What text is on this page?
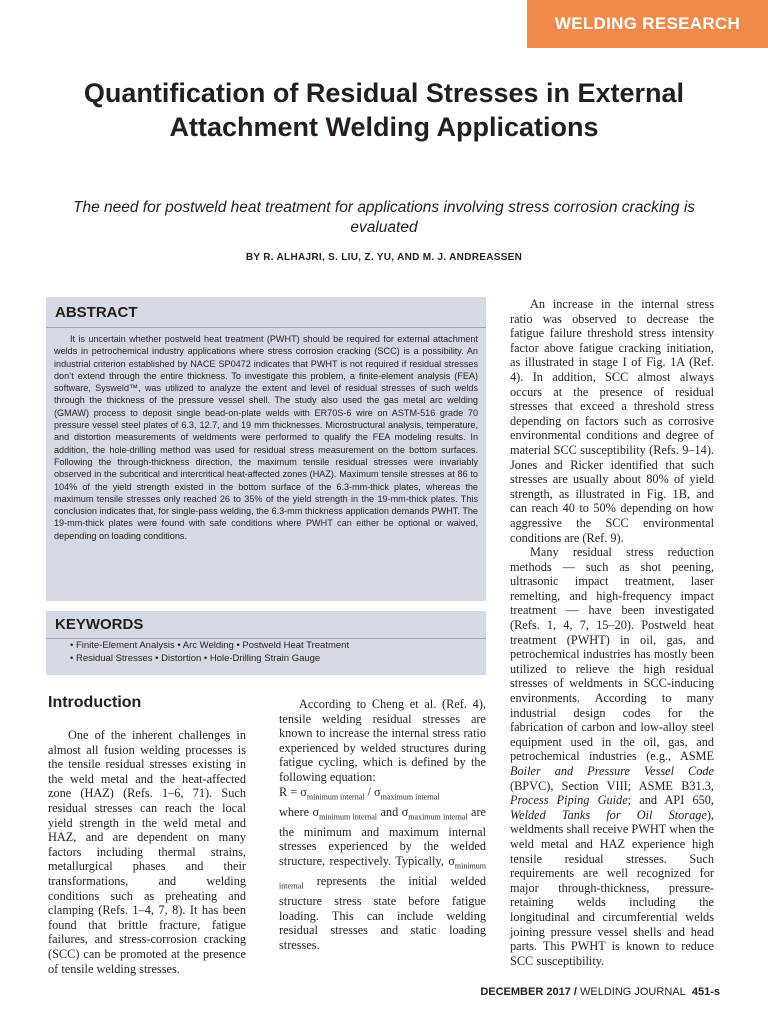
WELDING RESEARCH
Quantification of Residual Stresses in External Attachment Welding Applications
The need for postweld heat treatment for applications involving stress corrosion cracking is evaluated
BY R. ALHAJRI, S. LIU, Z. YU, AND M. J. ANDREASSEN
ABSTRACT

It is uncertain whether postweld heat treatment (PWHT) should be required for external attachment welds in petrochemical industry applications where stress corrosion cracking (SCC) is a possibility. An industrial criterion established by NACE SP0472 indicates that PWHT is not required if residual stresses don’t extend through the entire thickness. To investigate this problem, a finite-element analysis (FEA) software, Sysweld™, was utilized to analyze the extent and level of residual stresses of such welds through the thickness of the pressure vessel shell. The study also used the gas metal arc welding (GMAW) process to deposit single bead-on-plate welds with ER70S-6 wire on ASTM-516 grade 70 pressure vessel steel plates of 6.3, 12.7, and 19 mm thicknesses. Microstructural analysis, temperature, and distortion measurements of weldments were performed to qualify the FEA modeling results. In addition, the hole-drilling method was used for residual stress measurement on the bottom surfaces. Following the through-thickness direction, the maximum tensile residual stresses were invariably observed in the subcritical and intercritical heat-affected zones (HAZ). Maximum tensile stresses at 86 to 104% of the yield strength existed in the bottom surface of the 6.3-mm-thick plates, whereas the maximum tensile stresses only reached 26 to 35% of the yield strength in the 19-mm-thick plates. This conclusion indicates that, for single-pass welding, the 6.3-mm thickness application demands PWHT. The 19-mm-thick plates were found with safe conditions where PWHT can either be optional or waived, depending on loading conditions.

KEYWORDS
• Finite-Element Analysis • Arc Welding • Postweld Heat Treatment
• Residual Stresses • Distortion • Hole-Drilling Strain Gauge
Introduction

One of the inherent challenges in almost all fusion welding processes is the tensile residual stresses existing in the weld metal and the heat-affected zone (HAZ) (Refs. 1–6, 71). Such residual stresses can reach the local yield strength in the weld metal and HAZ, and are dependent on many factors including thermal strains, metallurgical phases and their transformations, and welding conditions such as preheating and clamping (Refs. 1–4, 7, 8). It has been found that brittle fracture, fatigue failures, and stress-corrosion cracking (SCC) can be promoted at the presence of tensile welding stresses.

According to Cheng et al. (Ref. 4), tensile welding residual stresses are known to increase the internal stress ratio experienced by welded structures during fatigue cycling, which is defined by the following equation:

$R = \sigma_{minimum internal} / \sigma_{maximum internal}$

where $\sigma_{minimum internal}$ and $\sigma_{maximum internal}$ are the minimum and maximum internal stresses experienced by the welded structure, respectively. Typically, $\sigma_{minimum internal}$ represents the initial welded structure stress state before fatigue loading. This can include welding residual stresses and static loading stresses.

An increase in the internal stress ratio was observed to decrease the fatigue failure threshold stress intensity factor above fatigue cracking initiation, as illustrated in stage I of Fig. 1A (Ref. 4). In addition, SCC almost always occurs at the presence of residual stresses that exceed a threshold stress depending on factors such as corrosive environmental conditions and degree of material SCC susceptibility (Refs. 9–14). Jones and Ricker identified that such stresses are usually about 80% of yield strength, as illustrated in Fig. 1B, and can reach 40 to 50% depending on how aggressive the SCC environmental conditions are (Ref. 9).

Many residual stress reduction methods — such as shot peening, ultrasonic impact treatment, laser remelting, and high-frequency impact treatment — have been investigated (Refs. 1, 4, 7, 15–20). Postweld heat treatment (PWHT) in oil, gas, and petrochemical industries has mostly been utilized to relieve the high residual stresses of weldments in SCC-inducing environments. According to many industrial design codes for the fabrication of carbon and low-alloy steel equipment used in the oil, gas, and petrochemical industries (e.g., ASME Boiler and Pressure Vessel Code (BPVC), Section VIII; ASME B31.3, Process Piping Guide; and API 650, Welded Tanks for Oil Storage), weldments shall receive PWHT when the weld metal and HAZ experience high tensile residual stresses. Such requirements are well recognized for major through-thickness, pressure-retaining welds including the longitudinal and circumferential welds joining pressure vessel shells and head parts. This PWHT is known to reduce SCC susceptibility.

DECEMBER 2017 / WELDING JOURNAL 451-s
